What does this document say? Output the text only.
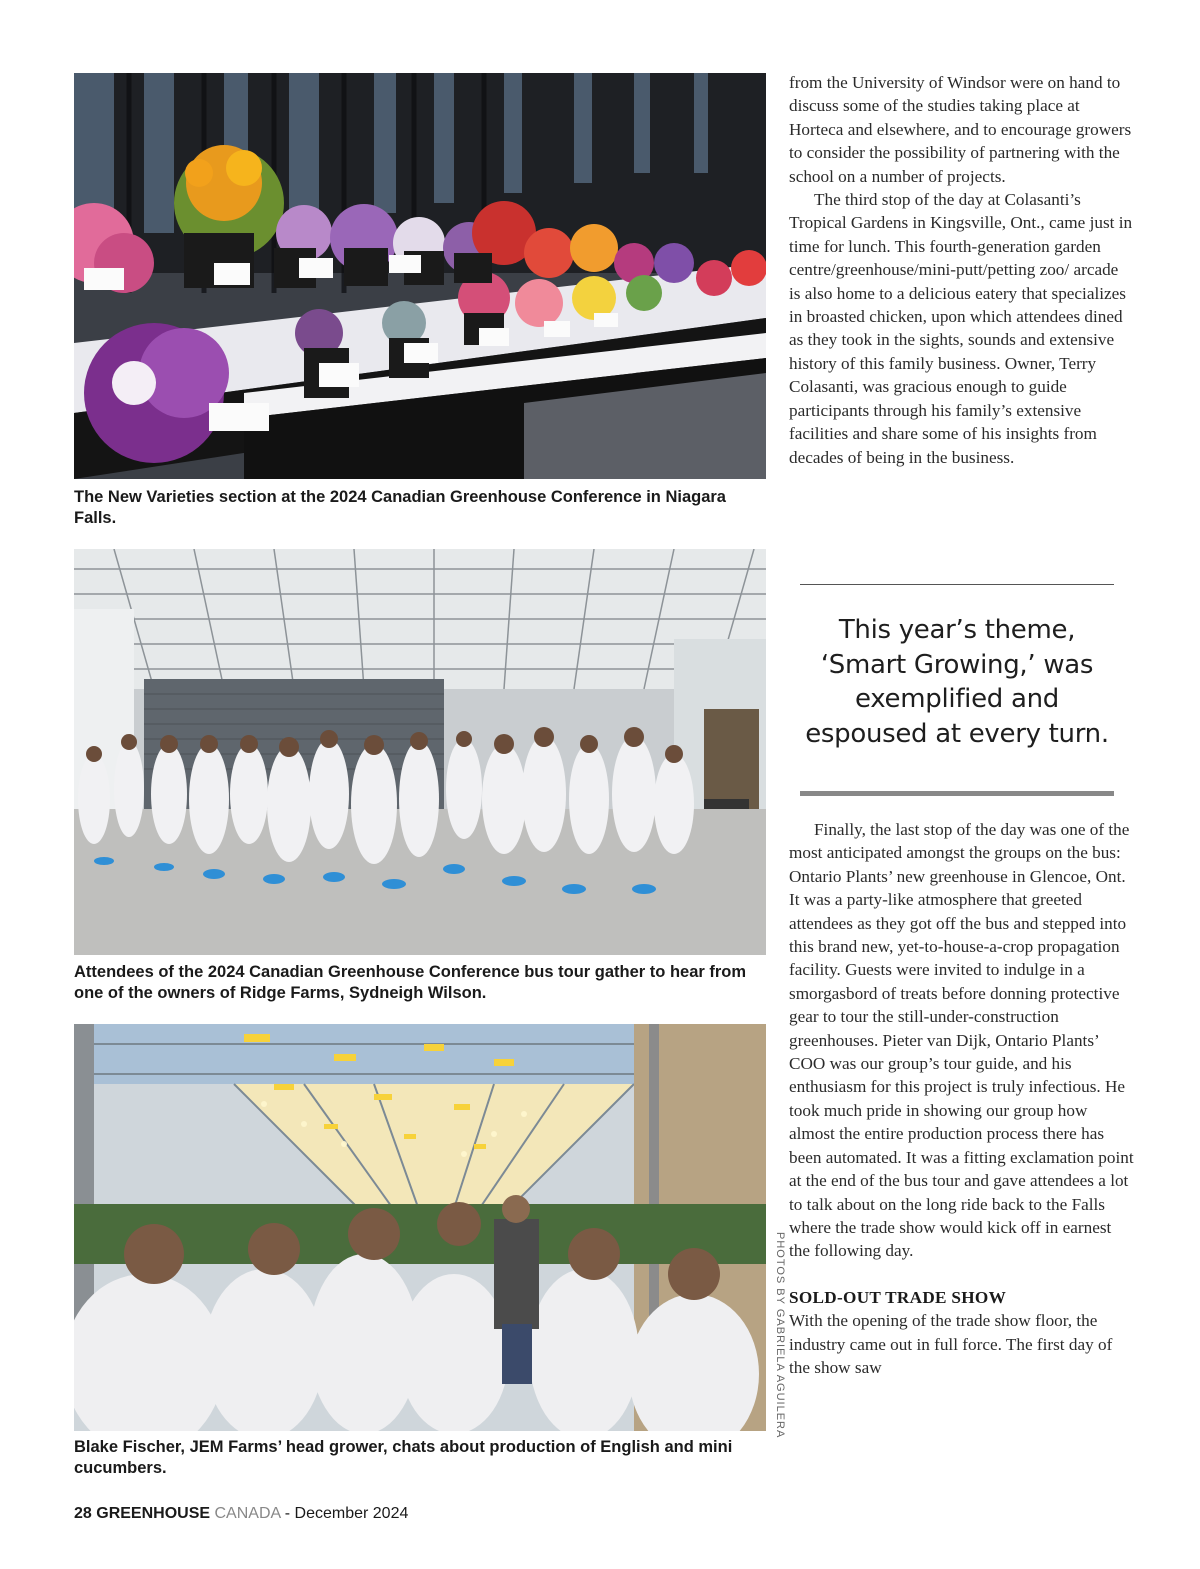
The New Varieties section at the 2024 Canadian Greenhouse Conference in Niagara Falls.
Attendees of the 2024 Canadian Greenhouse Conference bus tour gather to hear from one of the owners of Ridge Farms, Sydneigh Wilson.
Blake Fischer, JEM Farms’ head grower, chats about production of English and mini cucumbers.
PHOTOS BY GABRIELA AGUILERA

from the University of Windsor were on hand to discuss some of the studies taking place at Horteca and elsewhere, and to encourage growers to consider the possibility of partnering with the school on a number of projects.

The third stop of the day at Colasanti’s Tropical Gardens in Kingsville, Ont., came just in time for lunch. This fourth-generation garden centre/greenhouse/mini-putt/petting zoo/ arcade is also home to a delicious eatery that specializes in broasted chicken, upon which attendees dined as they took in the sights, sounds and extensive history of this family business. Owner, Terry Colasanti, was gracious enough to guide participants through his family’s extensive facilities and share some of his insights from decades of being in the business.

This year’s theme, ‘Smart Growing,’ was exemplified and espoused at every turn.

Finally, the last stop of the day was one of the most anticipated amongst the groups on the bus: Ontario Plants’ new greenhouse in Glencoe, Ont. It was a party-like atmosphere that greeted attendees as they got off the bus and stepped into this brand new, yet-to-house-a-crop propagation facility. Guests were invited to indulge in a smorgasbord of treats before donning protective gear to tour the still-under-construction greenhouses. Pieter van Dijk, Ontario Plants’ COO was our group’s tour guide, and his enthusiasm for this project is truly infectious. He took much pride in showing our group how almost the entire production process there has been automated. It was a fitting exclamation point at the end of the bus tour and gave attendees a lot to talk about on the long ride back to the Falls where the trade show would kick off in earnest the following day.

SOLD-OUT TRADE SHOW

With the opening of the trade show floor, the industry came out in full force. The first day of the show saw

28 GREENHOUSE CANADA - December 2024
